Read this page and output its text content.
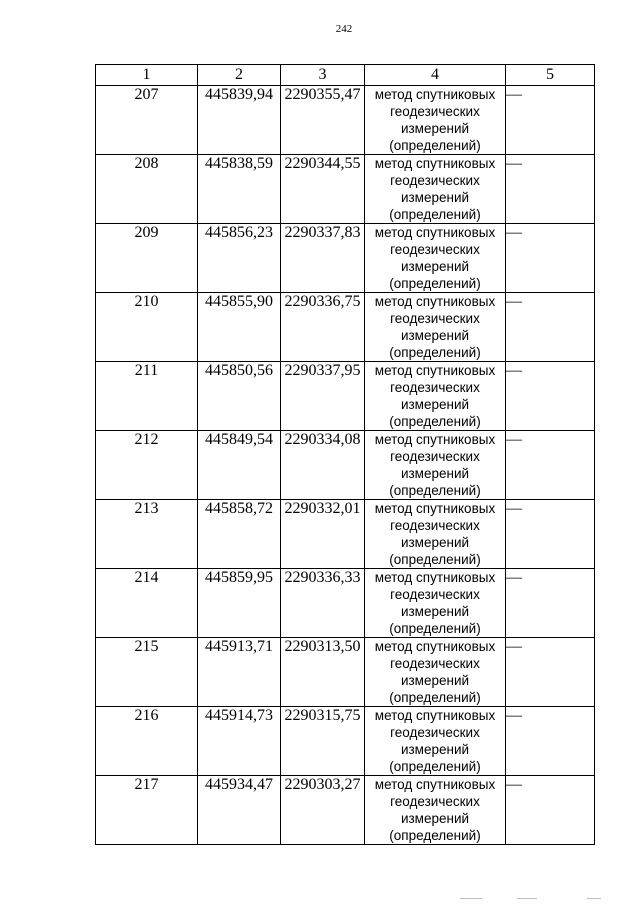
242
1	2	3	4	5
207	445839,94	2290355,47	метод спутниковых геодезических измерений (определений)	—
208	445838,59	2290344,55	метод спутниковых геодезических измерений (определений)	—
209	445856,23	2290337,83	метод спутниковых геодезических измерений (определений)	—
210	445855,90	2290336,75	метод спутниковых геодезических измерений (определений)	—
211	445850,56	2290337,95	метод спутниковых геодезических измерений (определений)	—
212	445849,54	2290334,08	метод спутниковых геодезических измерений (определений)	—
213	445858,72	2290332,01	метод спутниковых геодезических измерений (определений)	—
214	445859,95	2290336,33	метод спутниковых геодезических измерений (определений)	—
215	445913,71	2290313,50	метод спутниковых геодезических измерений (определений)	—
216	445914,73	2290315,75	метод спутниковых геодезических измерений (определений)	—
217	445934,47	2290303,27	метод спутниковых геодезических измерений (определений)	—
